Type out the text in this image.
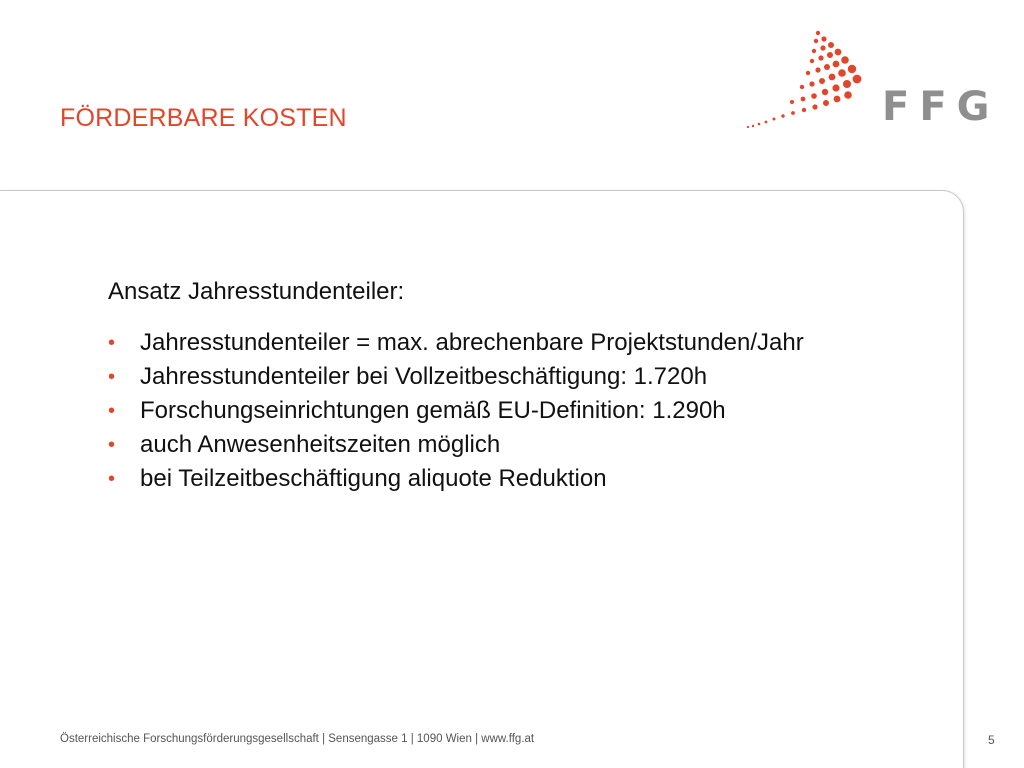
FÖRDERBARE KOSTEN	FFG

Ansatz Jahresstundenteiler:

• Jahresstundenteiler = max. abrechenbare Projektstunden/Jahr
• Jahresstundenteiler bei Vollzeitbeschäftigung: 1.720h
• Forschungseinrichtungen gemäß EU-Definition: 1.290h
• auch Anwesenheitszeiten möglich
• bei Teilzeitbeschäftigung aliquote Reduktion
Österreichische Forschungsförderungsgesellschaft | Sensengasse 1 | 1090 Wien | www.ffg.at	5
